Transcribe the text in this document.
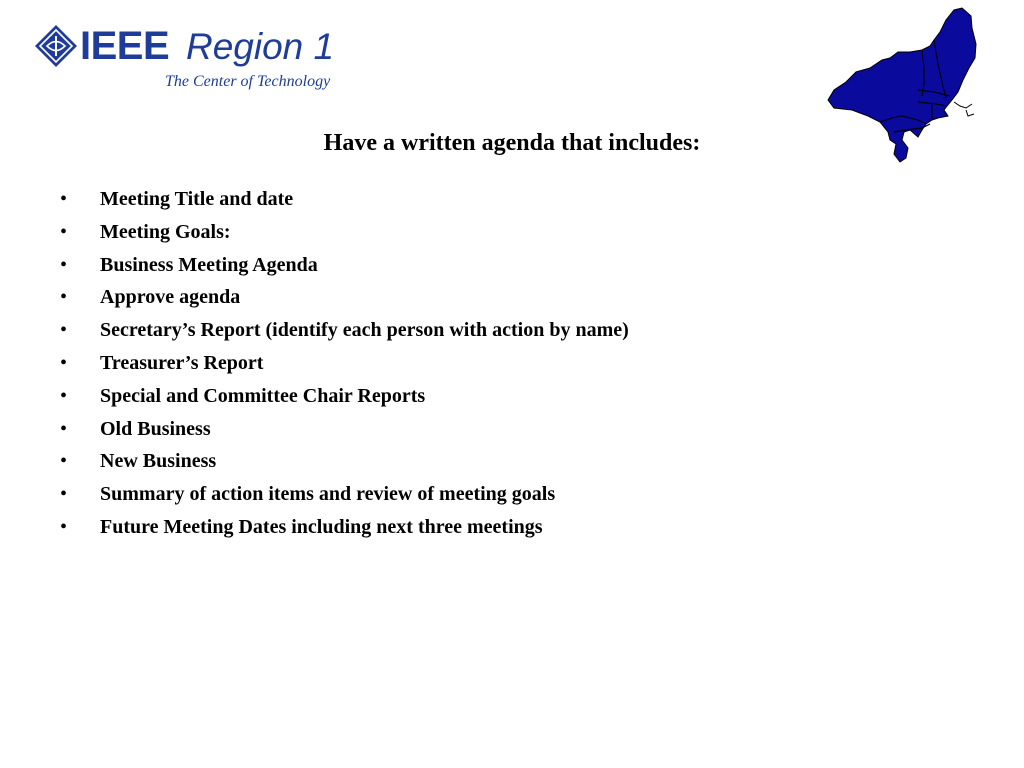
IEEE Region 1
The Center of Technology
Have a written agenda that includes:
• Meeting Title and date
• Meeting Goals:
• Business Meeting Agenda
• Approve agenda
• Secretary’s Report (identify each person with action by name)
• Treasurer’s Report
• Special and Committee Chair Reports
• Old Business
• New Business
• Summary of action items and review of meeting goals
• Future Meeting Dates including next three meetings
